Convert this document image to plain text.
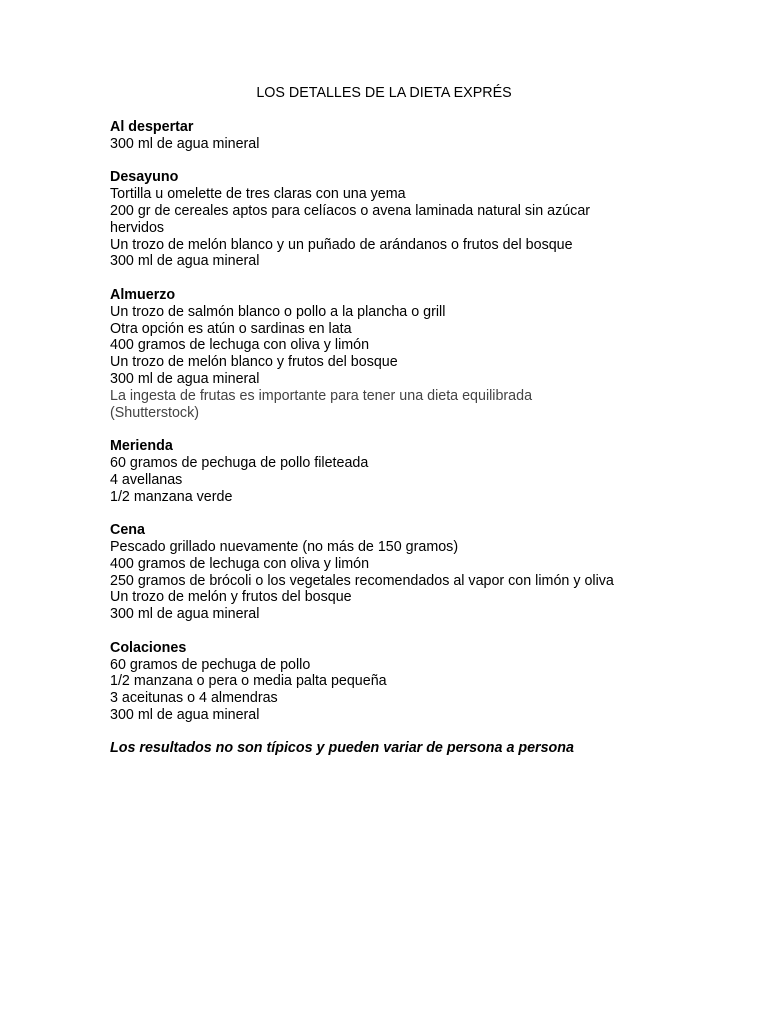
LOS DETALLES DE LA DIETA EXPRÉS
Al despertar
300 ml de agua mineral
Desayuno
Tortilla u omelette de tres claras con una yema
200 gr de cereales aptos para celíacos o avena laminada natural sin azúcar
hervidos
Un trozo de melón blanco y un puñado de arándanos o frutos del bosque
300 ml de agua mineral
Almuerzo
Un trozo de salmón blanco o pollo a la plancha o grill
Otra opción es atún o sardinas en lata
400 gramos de lechuga con oliva y limón
Un trozo de melón blanco y frutos del bosque
300 ml de agua mineral
La ingesta de frutas es importante para tener una dieta equilibrada
(Shutterstock)
Merienda
60 gramos de pechuga de pollo fileteada
4 avellanas
1/2 manzana verde
Cena
Pescado grillado nuevamente (no más de 150 gramos)
400 gramos de lechuga con oliva y limón
250 gramos de brócoli o los vegetales recomendados al vapor con limón y oliva
Un trozo de melón y frutos del bosque
300 ml de agua mineral
Colaciones
60 gramos de pechuga de pollo
1/2 manzana o pera o media palta pequeña
3 aceitunas o 4 almendras
300 ml de agua mineral
Los resultados no son típicos y pueden variar de persona a persona
